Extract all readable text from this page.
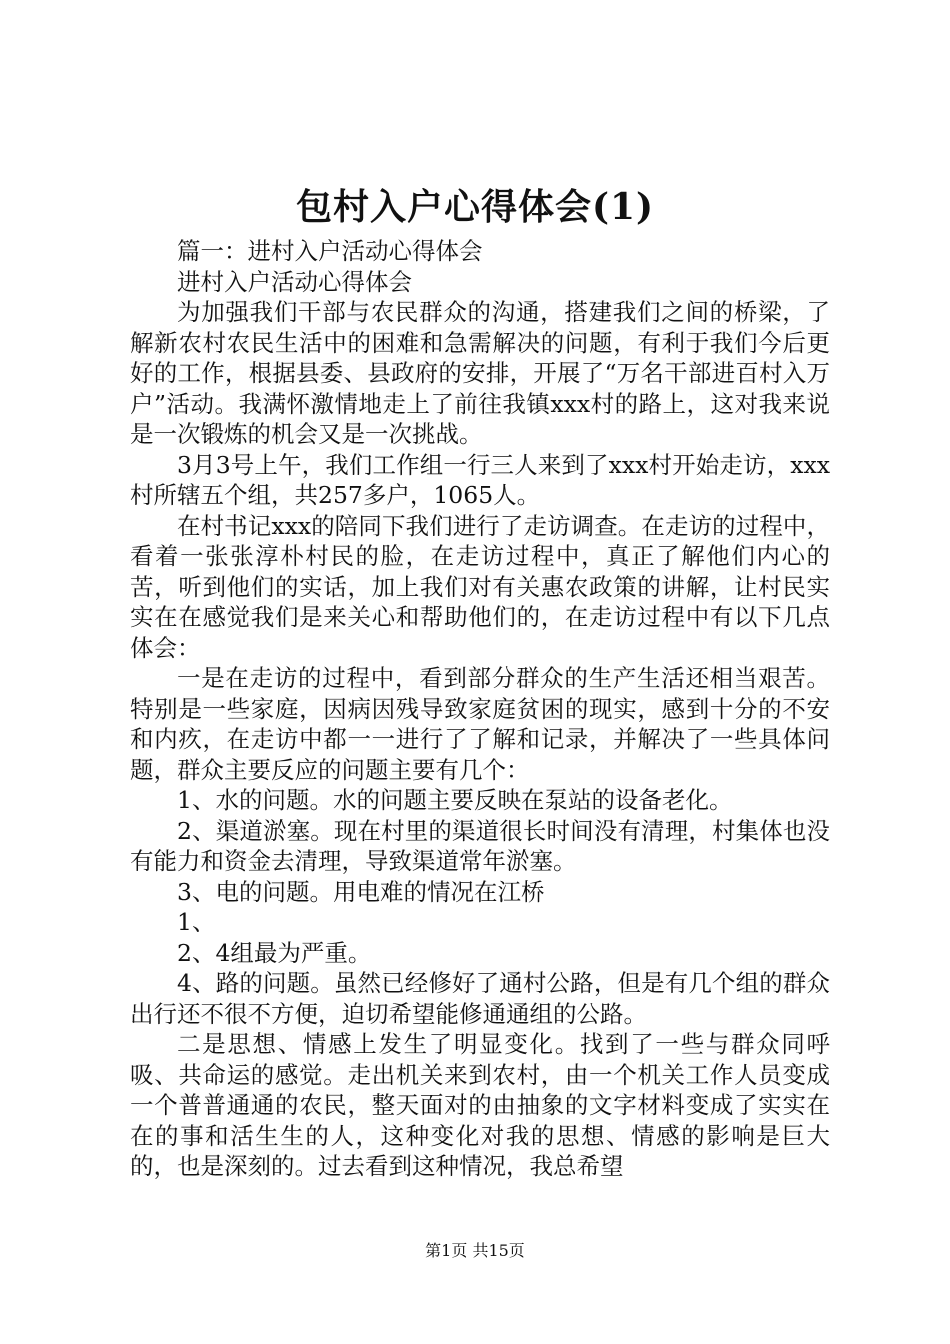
包村入户心得体会(1)

篇一：进村入户活动心得体会

进村入户活动心得体会

为加强我们干部与农民群众的沟通，搭建我们之间的桥梁，了解新农村农民生活中的困难和急需解决的问题，有利于我们今后更好的工作，根据县委、县政府的安排，开展了“万名干部进百村入万户”活动。我满怀激情地走上了前往我镇xxx村的路上，这对我来说是一次锻炼的机会又是一次挑战。

3月3号上午，我们工作组一行三人来到了xxx村开始走访，xxx村所辖五个组，共257多户，1065人。

在村书记xxx的陪同下我们进行了走访调查。在走访的过程中，看着一张张淳朴村民的脸，在走访过程中，真正了解他们内心的苦，听到他们的实话，加上我们对有关惠农政策的讲解，让村民实实在在感觉我们是来关心和帮助他们的，在走访过程中有以下几点体会：

一是在走访的过程中，看到部分群众的生产生活还相当艰苦。特别是一些家庭，因病因残导致家庭贫困的现实，感到十分的不安和内疚，在走访中都一一进行了了解和记录，并解决了一些具体问题，群众主要反应的问题主要有几个：

1、水的问题。水的问题主要反映在泵站的设备老化。

2、渠道淤塞。现在村里的渠道很长时间没有清理，村集体也没有能力和资金去清理，导致渠道常年淤塞。

3、电的问题。用电难的情况在江桥

1、

2、4组最为严重。

4、路的问题。虽然已经修好了通村公路，但是有几个组的群众出行还不很不方便，迫切希望能修通通组的公路。

二是思想、情感上发生了明显变化。找到了一些与群众同呼吸、共命运的感觉。走出机关来到农村，由一个机关工作人员变成一个普普通通的农民，整天面对的由抽象的文字材料变成了实实在在的事和活生生的人，这种变化对我的思想、情感的影响是巨大的，也是深刻的。过去看到这种情况，我总希望

第1页 共15页
